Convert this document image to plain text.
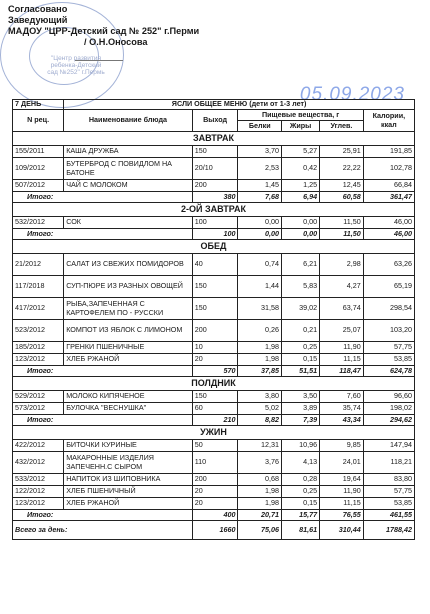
"Центр развития ребенка-Детский сад №252" г.Пермь
Согласовано
Заведующий
МАДОУ "ЦРР-Детский сад № 252" г.Перми
/ О.Н.Оносова
05.09.2023
7 ДЕНЬ	ЯСЛИ ОБЩЕЕ МЕНЮ (дети от 1-3 лет)					
N рец.	Наименование блюда	Выход	Пищевые вещества, г			Калории, ккал
			Белки	Жиры	Углев.	
ЗАВТРАК						
155/2011	КАША ДРУЖБА	150	3,70	5,27	25,91	191,85
109/2012	БУТЕРБРОД С ПОВИДЛОМ НА БАТОНЕ	20/10	2,53	0,42	22,22	102,78
507/2012	ЧАЙ С МОЛОКОМ	200	1,45	1,25	12,45	66,84
Итого:		380	7,68	6,94	60,58	361,47
2-ОЙ ЗАВТРАК						
532/2012	СОК	100	0,00	0,00	11,50	46,00
Итого:		100	0,00	0,00	11,50	46,00
ОБЕД						
21/2012	САЛАТ ИЗ СВЕЖИХ ПОМИДОРОВ	40	0,74	6,21	2,98	63,26
117/2018	СУП-ПЮРЕ ИЗ РАЗНЫХ ОВОЩЕЙ	150	1,44	5,83	4,27	65,19
417/2012	РЫБА,ЗАПЕЧЕННАЯ С КАРТОФЕЛЕМ ПО - РУССКИ	150	31,58	39,02	63,74	298,54
523/2012	КОМПОТ ИЗ ЯБЛОК С ЛИМОНОМ	200	0,26	0,21	25,07	103,20
185/2012	ГРЕНКИ ПШЕНИЧНЫЕ	10	1,98	0,25	11,90	57,75
123/2012	ХЛЕБ РЖАНОЙ	20	1,98	0,15	11,15	53,85
Итого:		570	37,85	51,51	118,47	624,78
ПОЛДНИК						
529/2012	МОЛОКО КИПЯЧЕНОЕ	150	3,80	3,50	7,60	96,60
573/2012	БУЛОЧКА "ВЕСНУШКА"	60	5,02	3,89	35,74	198,02
Итого:		210	8,82	7,39	43,34	294,62
УЖИН						
422/2012	БИТОЧКИ КУРИНЫЕ	50	12,31	10,96	9,85	147,94
432/2012	МАКАРОННЫЕ ИЗДЕЛИЯ ЗАПЕЧЕНН.С СЫРОМ	110	3,76	4,13	24,01	118,21
533/2012	НАПИТОК ИЗ ШИПОВНИКА	200	0,68	0,28	19,64	83,80
122/2012	ХЛЕБ ПШЕНИЧНЫЙ	20	1,98	0,25	11,90	57,75
123/2012	ХЛЕБ РЖАНОЙ	20	1,98	0,15	11,15	53,85
Итого:		400	20,71	15,77	76,55	461,55
Всего за день:		1660	75,06	81,61	310,44	1788,42
